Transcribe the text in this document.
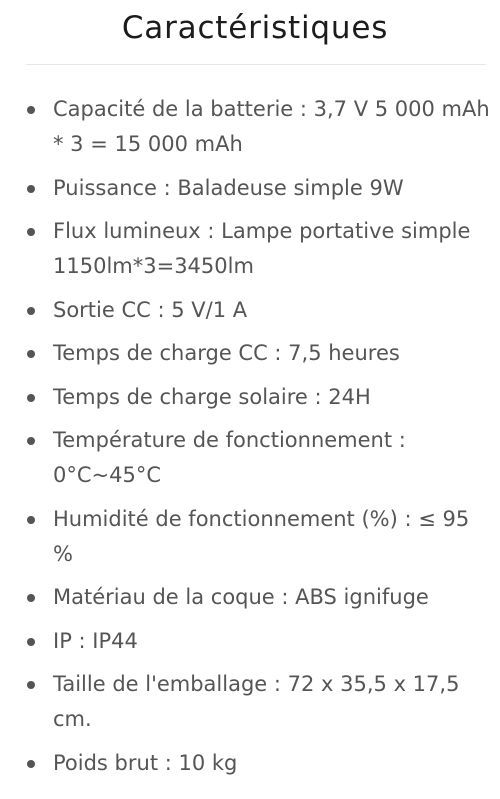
Caractéristiques
Capacité de la batterie : 3,7 V 5 000 mAh * 3 = 15 000 mAh
Puissance : Baladeuse simple 9W
Flux lumineux : Lampe portative simple 1150lm*3=3450lm
Sortie CC : 5 V/1 A
Temps de charge CC : 7,5 heures
Temps de charge solaire : 24H
Température de fonctionnement : 0°C~45°C
Humidité de fonctionnement (%) : ≤ 95 %
Matériau de la coque : ABS ignifuge
IP : IP44
Taille de l'emballage : 72 x 35,5 x 17,5 cm.
Poids brut : 10 kg
